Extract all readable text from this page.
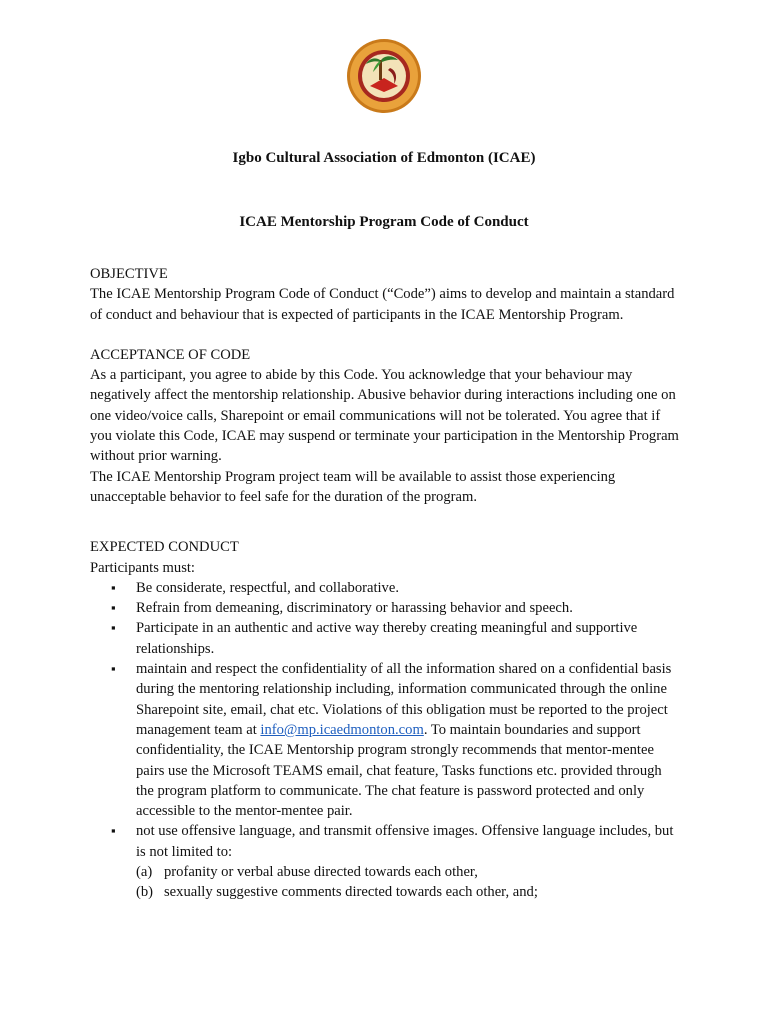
Igbo Cultural Association of Edmonton (ICAE)
ICAE Mentorship Program Code of Conduct
OBJECTIVE

The ICAE Mentorship Program Code of Conduct (“Code”) aims to develop and maintain a standard of conduct and behaviour that is expected of participants in the ICAE Mentorship Program.

ACCEPTANCE OF CODE

As a participant, you agree to abide by this Code. You acknowledge that your behaviour may negatively affect the mentorship relationship. Abusive behavior during interactions including one on one video/voice calls, Sharepoint or email communications will not be tolerated. You agree that if you violate this Code, ICAE may suspend or terminate your participation in the Mentorship Program without prior warning.

The ICAE Mentorship Program project team will be available to assist those experiencing unacceptable behavior to feel safe for the duration of the program.

EXPECTED CONDUCT
Participants must:
▪ Be considerate, respectful, and collaborative.
▪ Refrain from demeaning, discriminatory or harassing behavior and speech.
▪ Participate in an authentic and active way thereby creating meaningful and supportive relationships.
▪ maintain and respect the confidentiality of all the information shared on a confidential basis during the mentoring relationship including, information communicated through the online Sharepoint site, email, chat etc. Violations of this obligation must be reported to the project management team at info@mp.icaedmonton.com. To maintain boundaries and support confidentiality, the ICAE Mentorship program strongly recommends that mentor-mentee pairs use the Microsoft TEAMS email, chat feature, Tasks functions etc. provided through the program platform to communicate. The chat feature is password protected and only accessible to the mentor-mentee pair.
▪ not use offensive language, and transmit offensive images. Offensive language includes, but is not limited to:
(a) profanity or verbal abuse directed towards each other,
(b) sexually suggestive comments directed towards each other, and;
